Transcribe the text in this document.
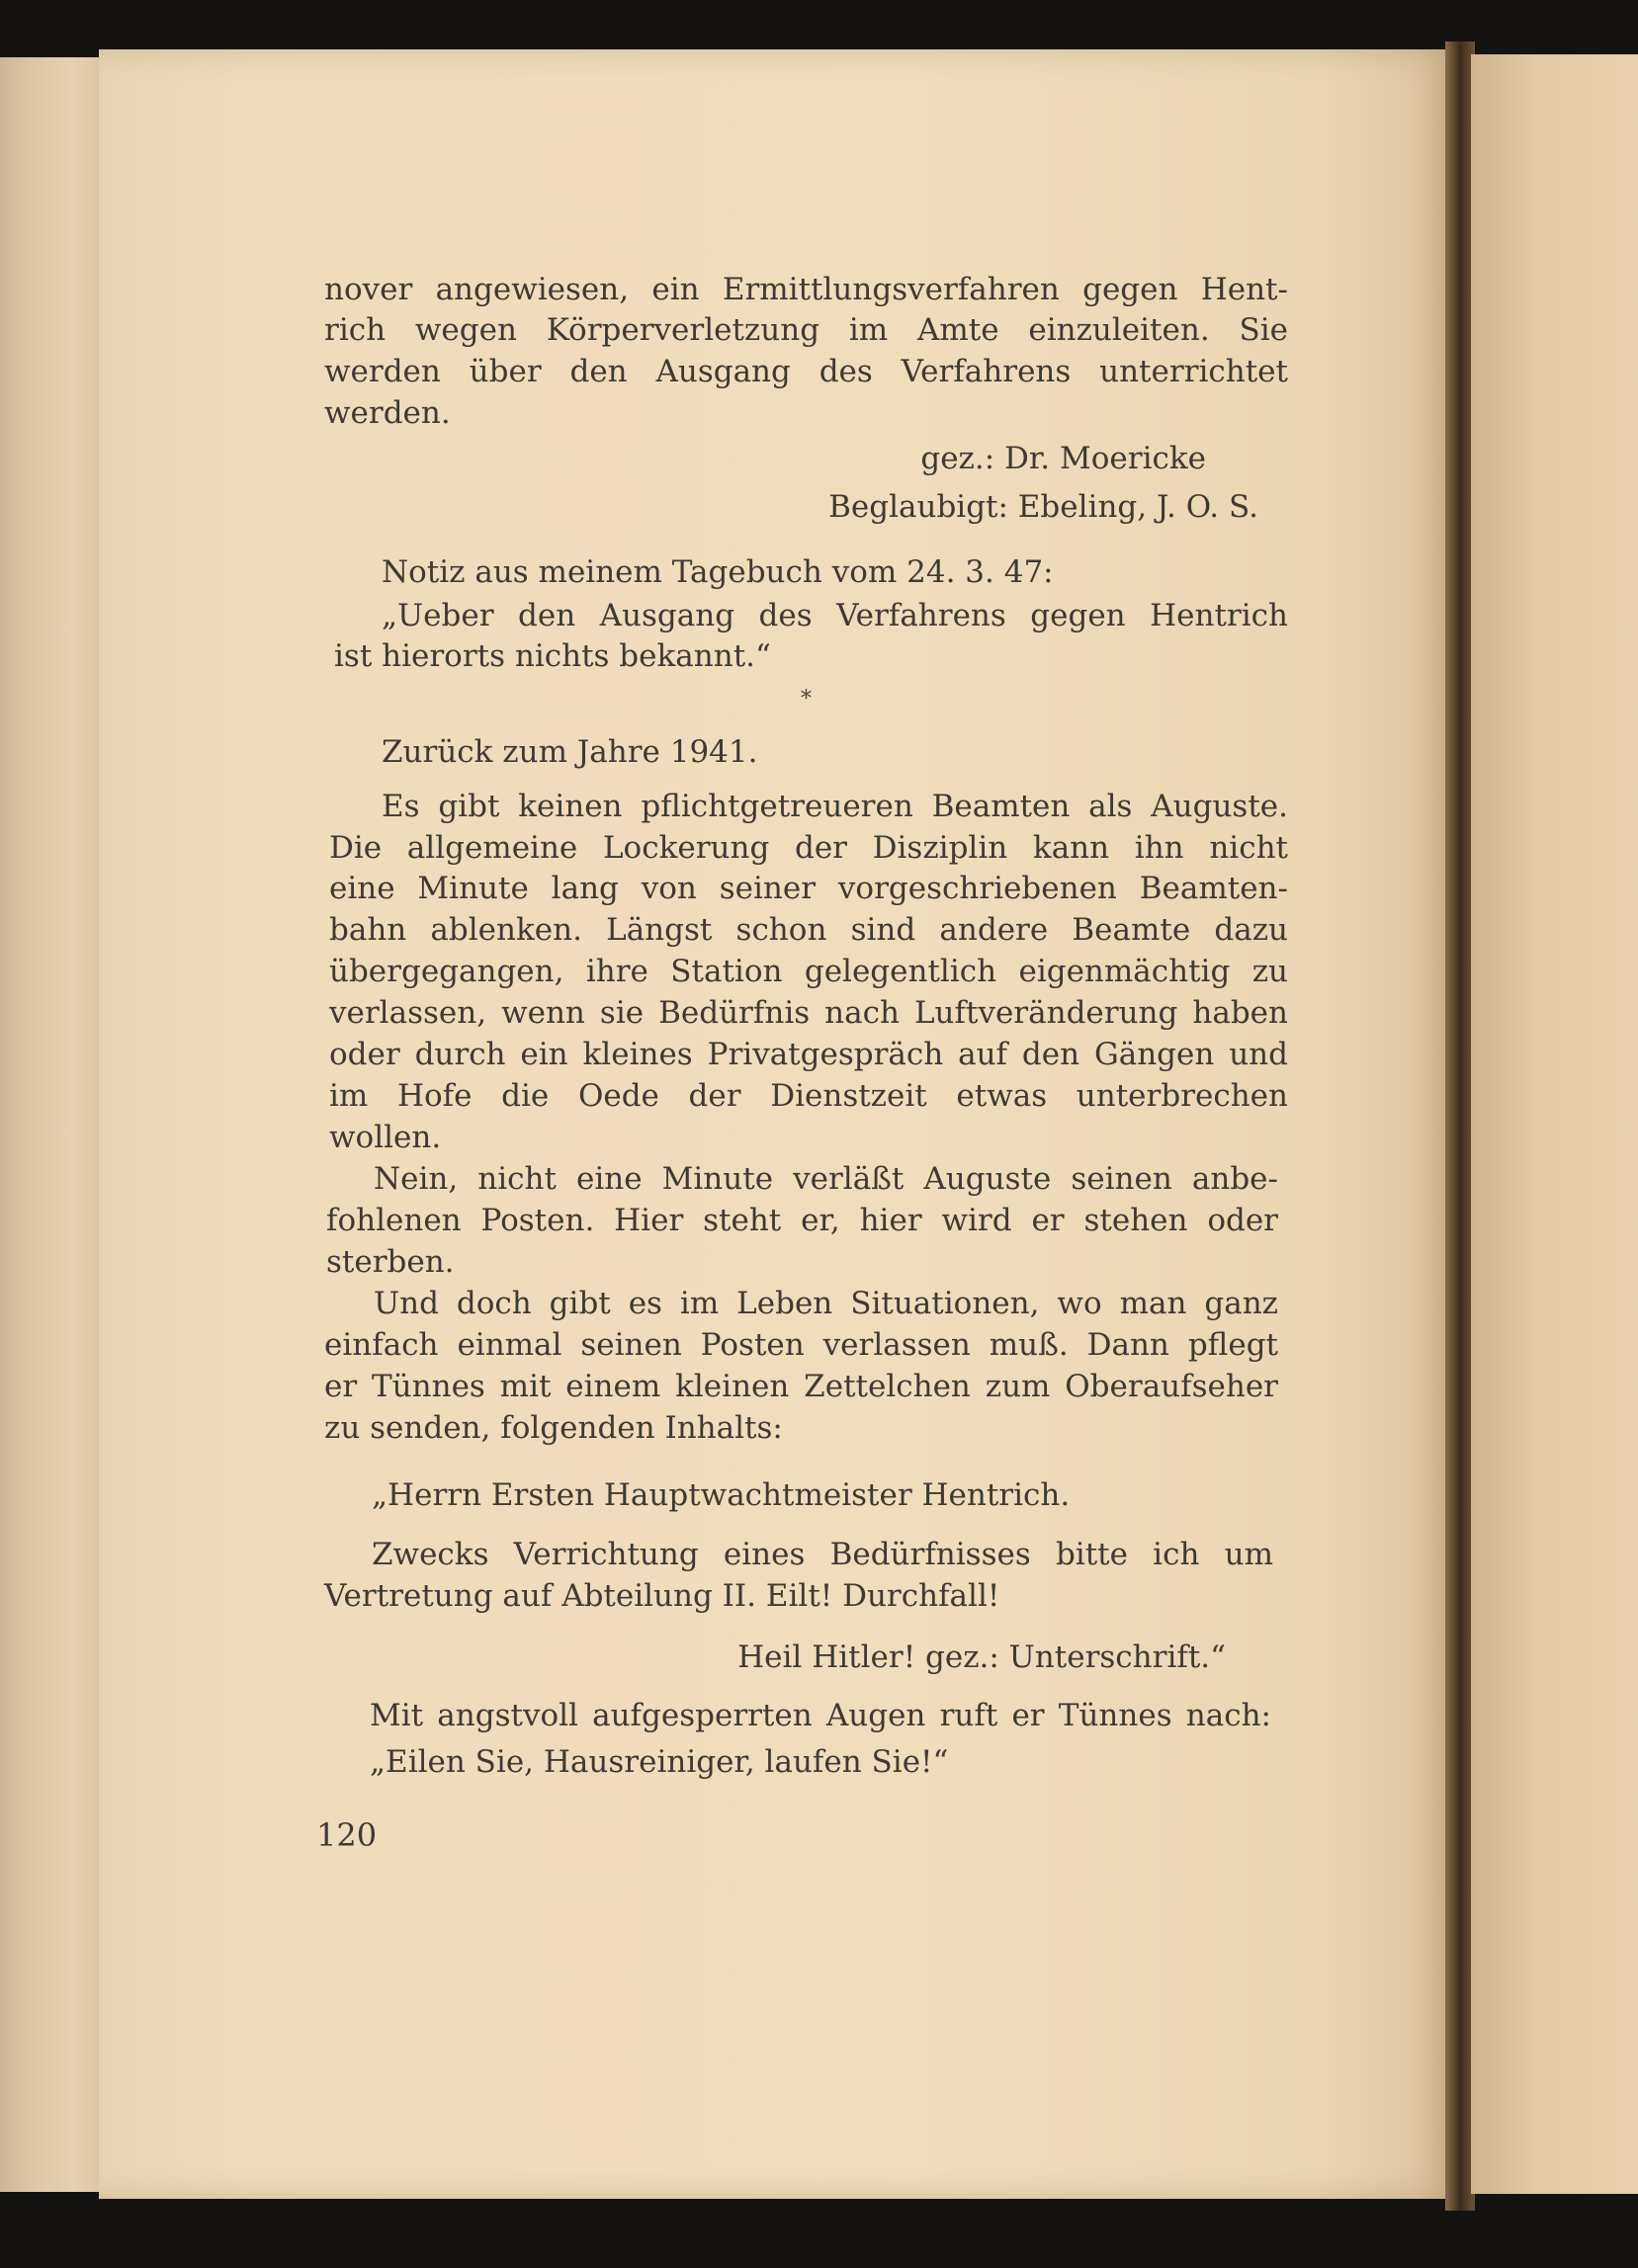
nover angewiesen, ein Ermittlungsverfahren gegen Hent-
rich wegen Körperverletzung im Amte einzuleiten. Sie
werden über den Ausgang des Verfahrens unterrichtet
werden.
gez.: Dr. Moericke
Beglaubigt: Ebeling, J. O. S.
Notiz aus meinem Tagebuch vom 24. 3. 47:
„Ueber den Ausgang des Verfahrens gegen Hentrich
ist hierorts nichts bekannt.“
*
Zurück zum Jahre 1941.
Es gibt keinen pflichtgetreueren Beamten als Auguste.
Die allgemeine Lockerung der Disziplin kann ihn nicht
eine Minute lang von seiner vorgeschriebenen Beamten-
bahn ablenken. Längst schon sind andere Beamte dazu
übergegangen, ihre Station gelegentlich eigenmächtig zu
verlassen, wenn sie Bedürfnis nach Luftveränderung haben
oder durch ein kleines Privatgespräch auf den Gängen und
im Hofe die Oede der Dienstzeit etwas unterbrechen
wollen.
Nein, nicht eine Minute verläßt Auguste seinen anbe-
fohlenen Posten. Hier steht er, hier wird er stehen oder
sterben.
Und doch gibt es im Leben Situationen, wo man ganz
einfach einmal seinen Posten verlassen muß. Dann pflegt
er Tünnes mit einem kleinen Zettelchen zum Oberaufseher
zu senden, folgenden Inhalts:
„Herrn Ersten Hauptwachtmeister Hentrich.
Zwecks Verrichtung eines Bedürfnisses bitte ich um
Vertretung auf Abteilung II. Eilt! Durchfall!
Heil Hitler! gez.: Unterschrift.“
Mit angstvoll aufgesperrten Augen ruft er Tünnes nach:
„Eilen Sie, Hausreiniger, laufen Sie!“
120
